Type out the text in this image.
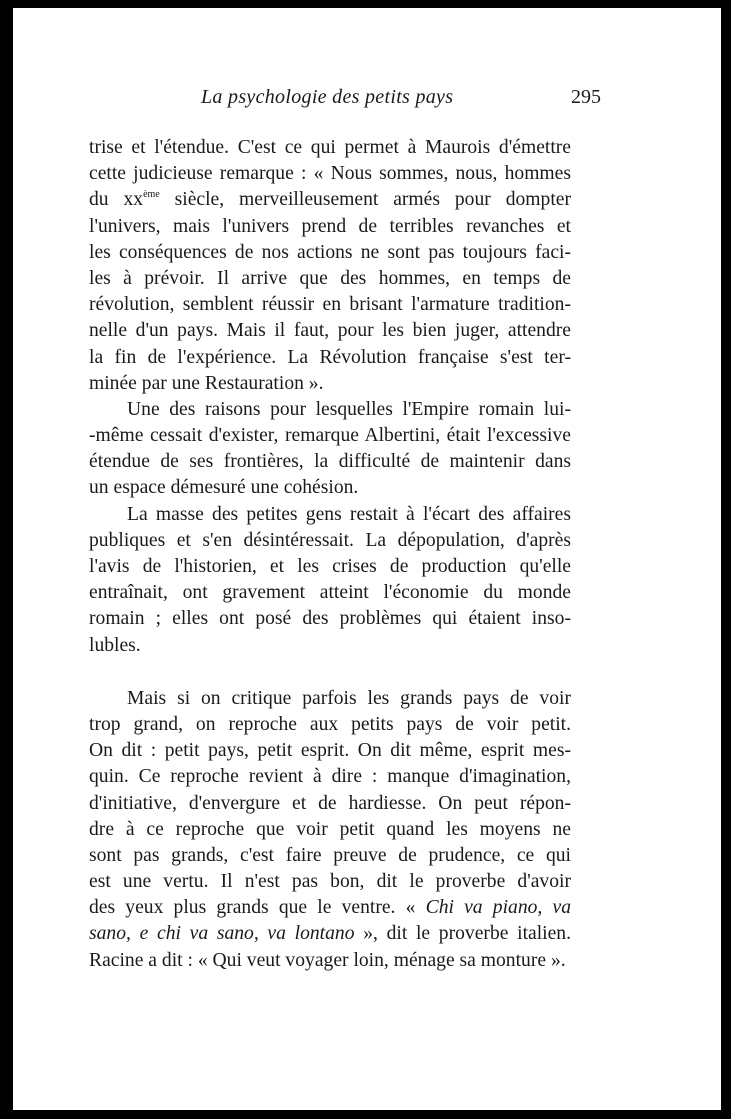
La psychologie des petits pays	295
trise et l'étendue. C'est ce qui permet à Maurois d'émettre
cette judicieuse remarque : « Nous sommes, nous, hommes
du $xx^{ème}$ siècle, merveilleusement armés pour dompter
l'univers, mais l'univers prend de terribles revanches et
les conséquences de nos actions ne sont pas toujours faci-
les à prévoir. Il arrive que des hommes, en temps de
révolution, semblent réussir en brisant l'armature tradition-
nelle d'un pays. Mais il faut, pour les bien juger, attendre
la fin de l'expérience. La Révolution française s'est ter-
minée par une Restauration ».
Une des raisons pour lesquelles l'Empire romain lui-
-même cessait d'exister, remarque Albertini, était l'excessive
étendue de ses frontières, la difficulté de maintenir dans
un espace démesuré une cohésion.
La masse des petites gens restait à l'écart des affaires
publiques et s'en désintéressait. La dépopulation, d'après
l'avis de l'historien, et les crises de production qu'elle
entraînait, ont gravement atteint l'économie du monde
romain ; elles ont posé des problèmes qui étaient inso-
lubles.
Mais si on critique parfois les grands pays de voir
trop grand, on reproche aux petits pays de voir petit.
On dit : petit pays, petit esprit. On dit même, esprit mes-
quin. Ce reproche revient à dire : manque d'imagination,
d'initiative, d'envergure et de hardiesse. On peut répon-
dre à ce reproche que voir petit quand les moyens ne
sont pas grands, c'est faire preuve de prudence, ce qui
est une vertu. Il n'est pas bon, dit le proverbe d'avoir
des yeux plus grands que le ventre. « Chi va piano, va
sano, e chi va sano, va lontano », dit le proverbe italien.
Racine a dit : « Qui veut voyager loin, ménage sa monture ».
